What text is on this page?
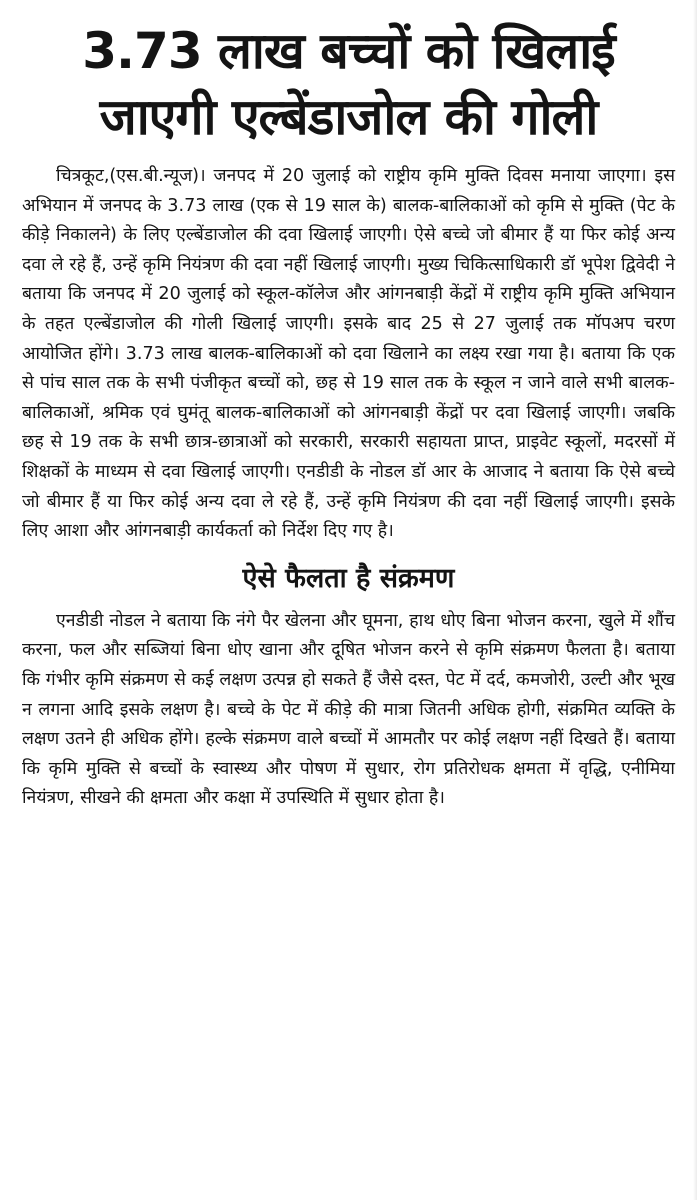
3.73 लाख बच्चों को खिलाई
जाएगी एल्बेंडाजोल की गोली

चित्रकूट,(एस.बी.न्यूज)। जनपद में 20 जुलाई को राष्ट्रीय कृमि मुक्ति दिवस मनाया जाएगा। इस अभियान में जनपद के 3.73 लाख (एक से 19 साल के) बालक-बालिकाओं को कृमि से मुक्ति (पेट के कीड़े निकालने) के लिए एल्बेंडाजोल की दवा खिलाई जाएगी। ऐसे बच्चे जो बीमार हैं या फिर कोई अन्य दवा ले रहे हैं, उन्हें कृमि नियंत्रण की दवा नहीं खिलाई जाएगी। मुख्य चिकित्साधिकारी डॉ भूपेश द्विवेदी ने बताया कि जनपद में 20 जुलाई को स्कूल-कॉलेज और आंगनबाड़ी केंद्रों में राष्ट्रीय कृमि मुक्ति अभियान के तहत एल्बेंडाजोल की गोली खिलाई जाएगी। इसके बाद 25 से 27 जुलाई तक मॉपअप चरण आयोजित होंगे। 3.73 लाख बालक-बालिकाओं को दवा खिलाने का लक्ष्य रखा गया है। बताया कि एक से पांच साल तक के सभी पंजीकृत बच्चों को, छह से 19 साल तक के स्कूल न जाने वाले सभी बालक-बालिकाओं, श्रमिक एवं घुमंतू बालक-बालिकाओं को आंगनबाड़ी केंद्रों पर दवा खिलाई जाएगी। जबकि छह से 19 तक के सभी छात्र-छात्राओं को सरकारी, सरकारी सहायता प्राप्त, प्राइवेट स्कूलों, मदरसों में शिक्षकों के माध्यम से दवा खिलाई जाएगी। एनडीडी के नोडल डॉ आर के आजाद ने बताया कि ऐसे बच्चे जो बीमार हैं या फिर कोई अन्य दवा ले रहे हैं, उन्हें कृमि नियंत्रण की दवा नहीं खिलाई जाएगी। इसके लिए आशा और आंगनबाड़ी कार्यकर्ता को निर्देश दिए गए है।

ऐसे फैलता है संक्रमण

एनडीडी नोडल ने बताया कि नंगे पैर खेलना और घूमना, हाथ धोए बिना भोजन करना, खुले में शौंच करना, फल और सब्जियां बिना धोए खाना और दूषित भोजन करने से कृमि संक्रमण फैलता है। बताया कि गंभीर कृमि संक्रमण से कई लक्षण उत्पन्न हो सकते हैं जैसे दस्त, पेट में दर्द, कमजोरी, उल्टी और भूख न लगना आदि इसके लक्षण है। बच्चे के पेट में कीड़े की मात्रा जितनी अधिक होगी, संक्रमित व्यक्ति के लक्षण उतने ही अधिक होंगे। हल्के संक्रमण वाले बच्चों में आमतौर पर कोई लक्षण नहीं दिखते हैं। बताया कि कृमि मुक्ति से बच्चों के स्वास्थ्य और पोषण में सुधार, रोग प्रतिरोधक क्षमता में वृद्धि, एनीमिया नियंत्रण, सीखने की क्षमता और कक्षा में उपस्थिति में सुधार होता है।
